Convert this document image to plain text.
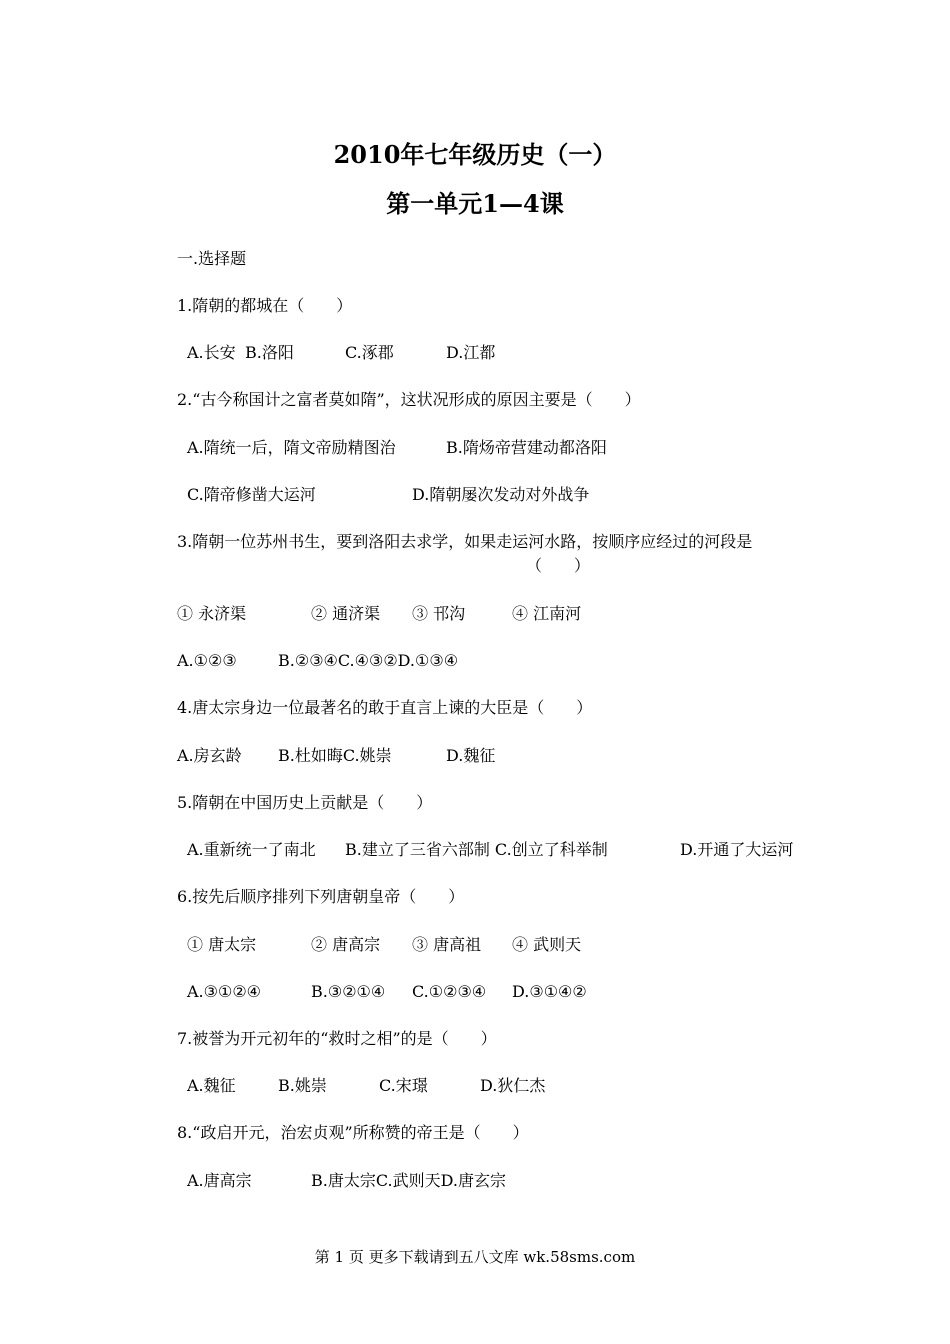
2010年七年级历史（一）
第一单元1—4课
一.选择题
1.隋朝的都城在（　　）
A.长安 B.洛阳	C.涿郡	D.江都
2.“古今称国计之富者莫如隋”，这状况形成的原因主要是（　　）
A.隋统一后，隋文帝励精图治	B.隋炀帝营建动都洛阳
C.隋帝修凿大运河	D.隋朝屡次发动对外战争
3.隋朝一位苏州书生，要到洛阳去求学，如果走运河水路，按顺序应经过的河段是
（　　）
① 永济渠	② 通济渠 ③ 邗沟	④ 江南河
A.①②③	B.②③④C.④③②D.①③④
4.唐太宗身边一位最著名的敢于直言上谏的大臣是（　　）
A.房玄龄 B.杜如晦C.姚崇	D.魏征
5.隋朝在中国历史上贡献是（　　）
A.重新统一了南北 B.建立了三省六部制 C.创立了科举制	D.开通了大运河
6.按先后顺序排列下列唐朝皇帝（　　）
① 唐太宗	② 唐高宗 ③ 唐高祖 ④ 武则天
A.③①②④	B.③②①④ C.①②③④ D.③①④②
7.被誉为开元初年的“救时之相”的是（　　）
A.魏征	B.姚崇	C.宋璟	D.狄仁杰
8.“政启开元，治宏贞观”所称赞的帝王是（　　）
A.唐高宗	B.唐太宗C.武则天D.唐玄宗
第 1 页 更多下载请到五八文库 wk.58sms.com
